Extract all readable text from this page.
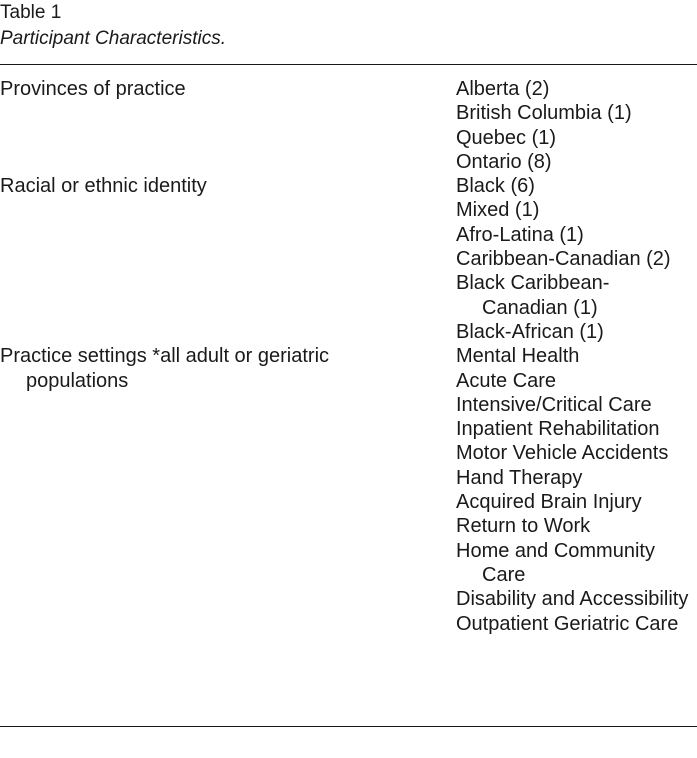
Table 1
Participant Characteristics.
Provinces of practice	Alberta (2)
British Columbia (1)
Quebec (1)
Ontario (8)
Racial or ethnic identity	Black (6)
Mixed (1)
Afro-Latina (1)
Caribbean-Canadian (2)
Black Caribbean-Canadian (1)
Black-African (1)
Practice settings *all adult or geriatric populations
Mental Health
Acute Care
Intensive/Critical Care
Inpatient Rehabilitation
Motor Vehicle Accidents
Hand Therapy
Acquired Brain Injury
Return to Work
Home and Community Care
Disability and Accessibility
Outpatient Geriatric Care
